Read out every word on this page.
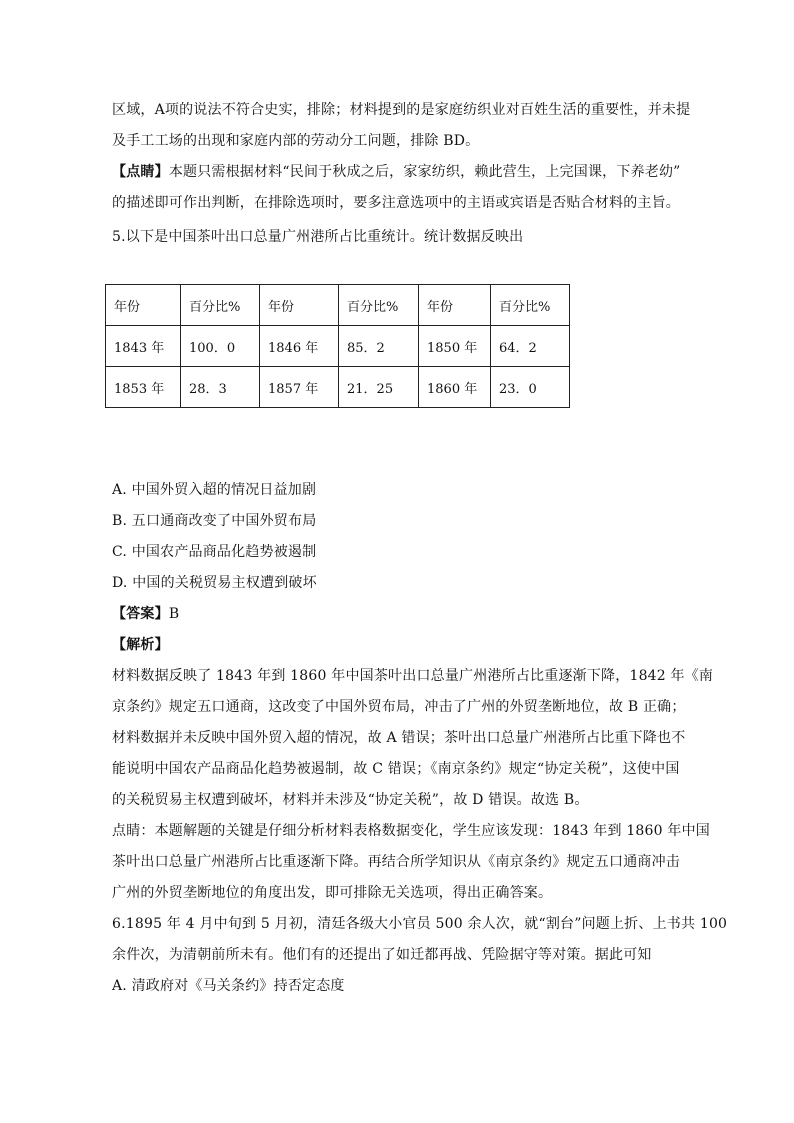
区域，A项的说法不符合史实，排除；材料提到的是家庭纺织业对百姓生活的重要性，并未提
及手工工场的出现和家庭内部的劳动分工问题，排除 BD。
【点睛】本题只需根据材料“民间于秋成之后，家家纺织，赖此营生，上完国课，下养老幼”
的描述即可作出判断，在排除选项时，要多注意选项中的主语或宾语是否贴合材料的主旨。
5.以下是中国茶叶出口总量广州港所占比重统计。统计数据反映出
年份	百分比%	年份	百分比%	年份	百分比%
1843 年	100．0	1846 年	85．2	1850 年	64．2
1853 年	28．3	1857 年	21．25	1860 年	23．0
A. 中国外贸入超的情况日益加剧
B. 五口通商改变了中国外贸布局
C. 中国农产品商品化趋势被遏制
D. 中国的关税贸易主权遭到破坏
【答案】B
【解析】
材料数据反映了 1843 年到 1860 年中国茶叶出口总量广州港所占比重逐渐下降，1842 年《南
京条约》规定五口通商，这改变了中国外贸布局，冲击了广州的外贸垄断地位，故 B 正确；
材料数据并未反映中国外贸入超的情况，故 A 错误；茶叶出口总量广州港所占比重下降也不
能说明中国农产品商品化趋势被遏制，故 C 错误；《南京条约》规定“协定关税”，这使中国
的关税贸易主权遭到破坏，材料并未涉及“协定关税”，故 D 错误。故选 B。
点睛：本题解题的关键是仔细分析材料表格数据变化，学生应该发现：1843 年到 1860 年中国
茶叶出口总量广州港所占比重逐渐下降。再结合所学知识从《南京条约》规定五口通商冲击
广州的外贸垄断地位的角度出发，即可排除无关选项，得出正确答案。
6.1895 年 4 月中旬到 5 月初，清廷各级大小官员 500 余人次，就“割台”问题上折、上书共 100
余件次，为清朝前所未有。他们有的还提出了如迁都再战、凭险据守等对策。据此可知
A. 清政府对《马关条约》持否定态度
